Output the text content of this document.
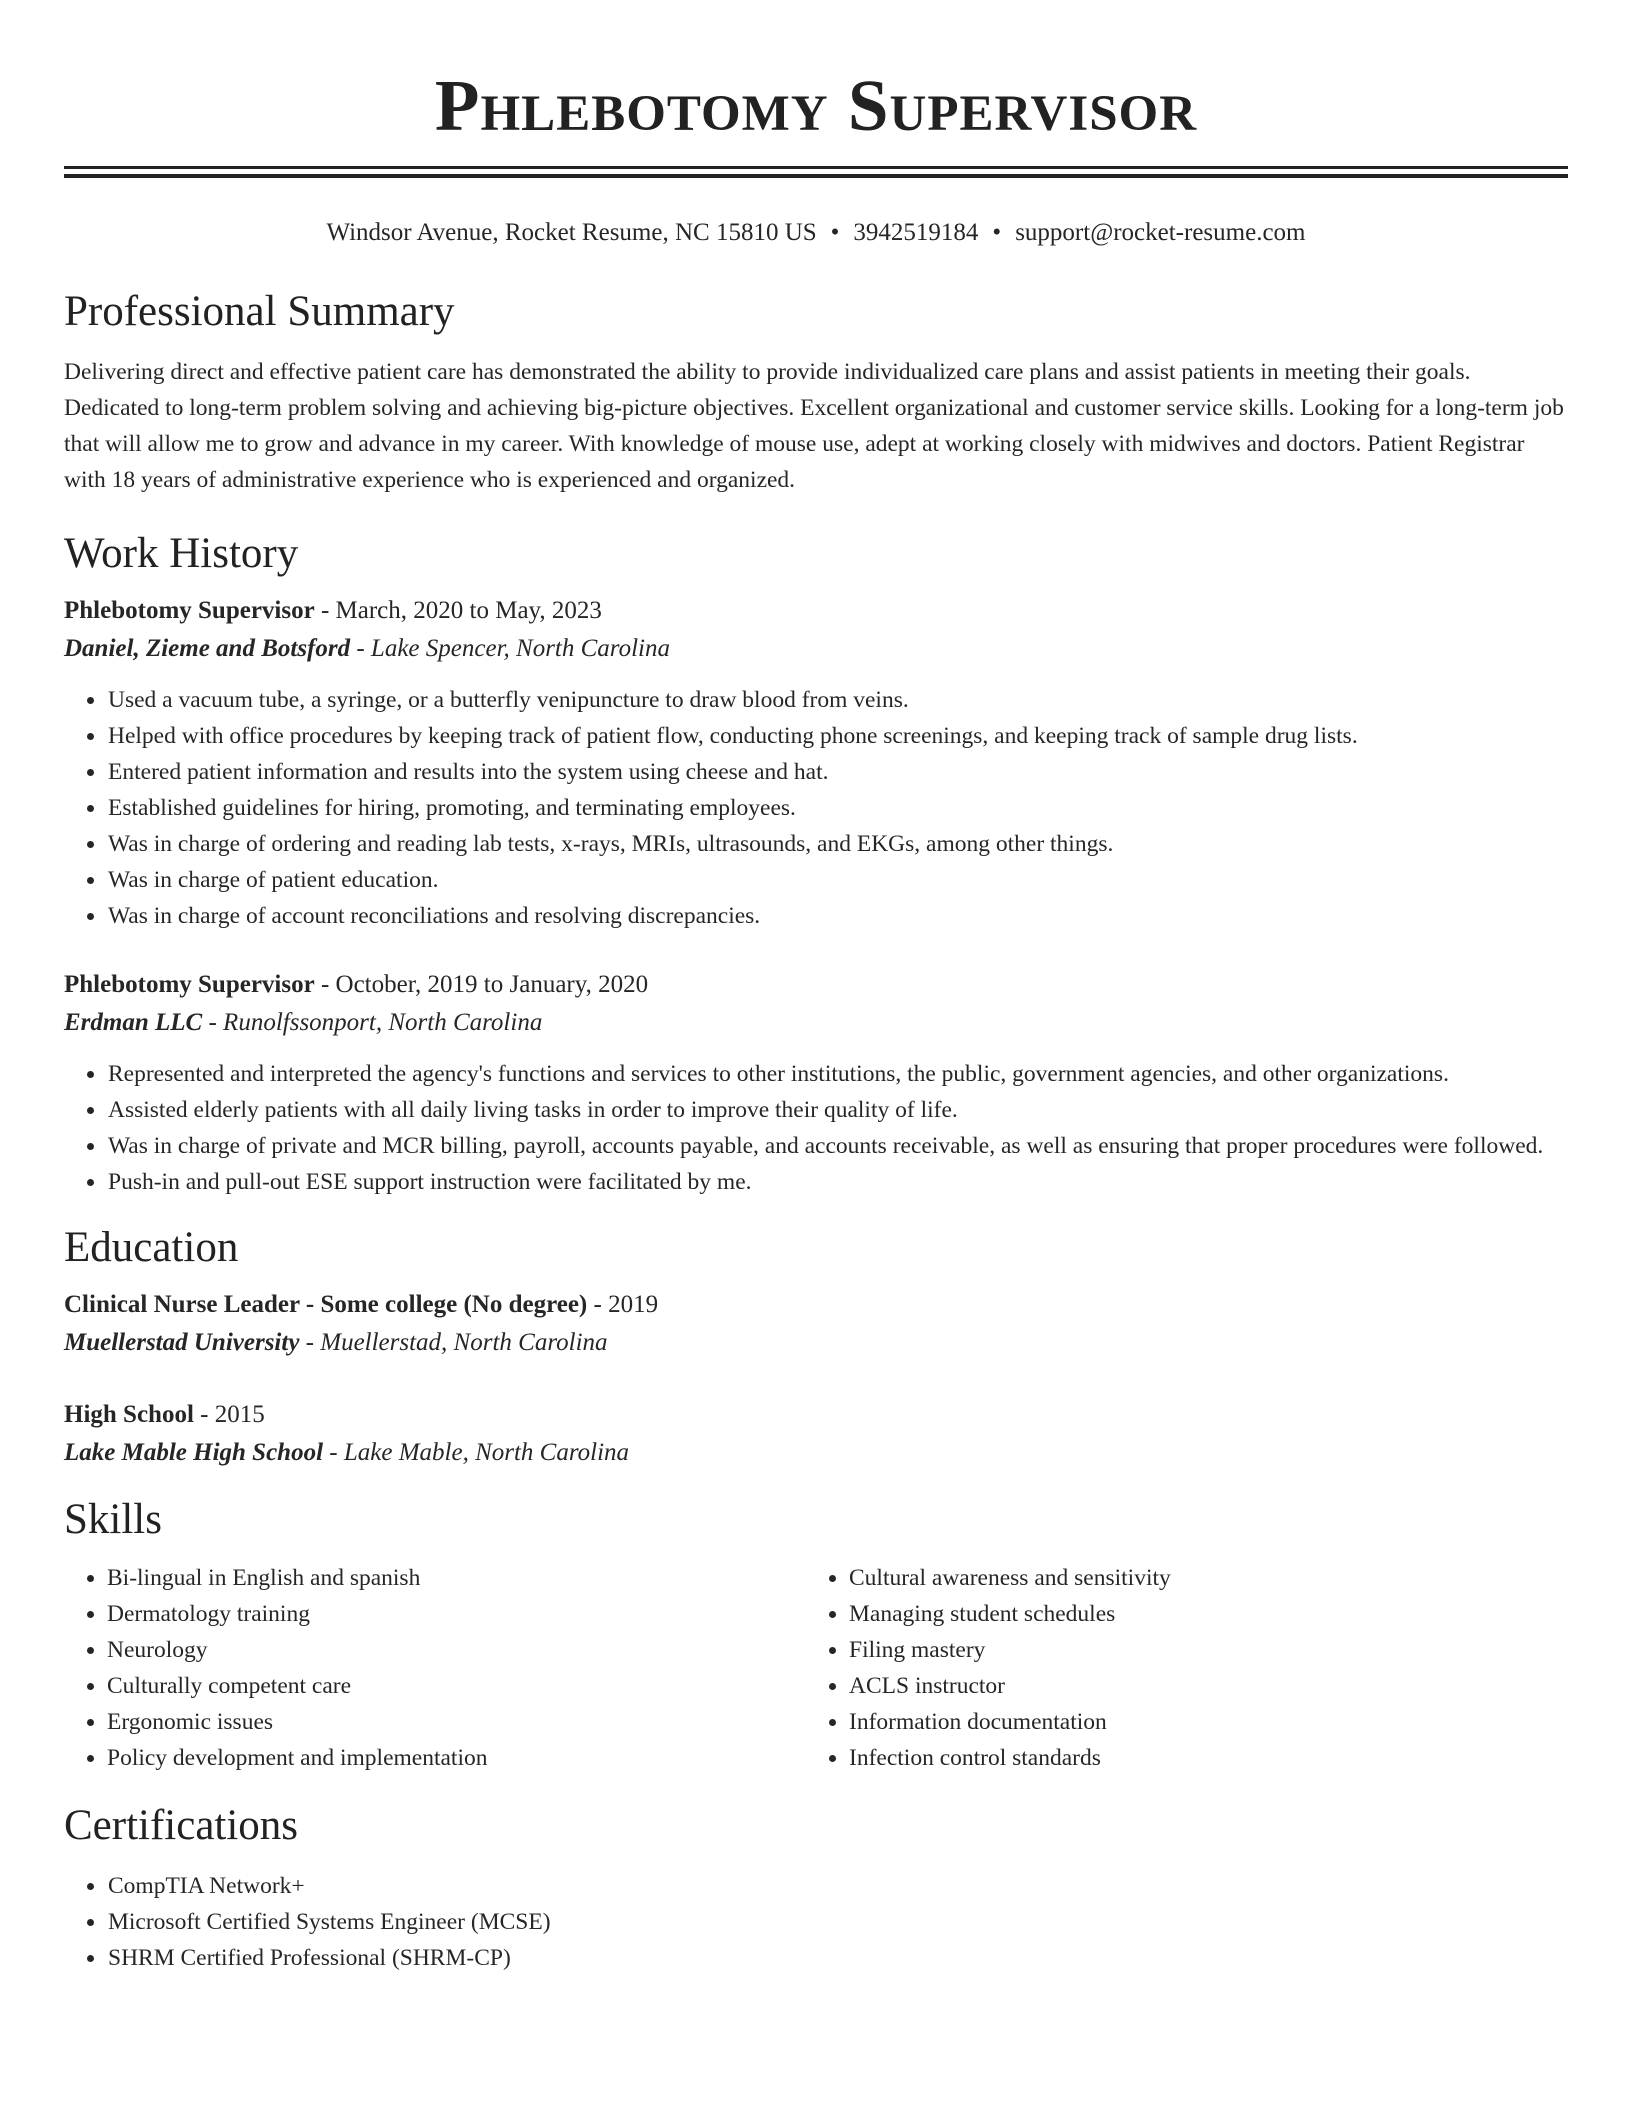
Phlebotomy Supervisor
Windsor Avenue, Rocket Resume, NC 15810 US • 3942519184 • support@rocket-resume.com
Professional Summary
Delivering direct and effective patient care has demonstrated the ability to provide individualized care plans and assist patients in meeting their goals. Dedicated to long-term problem solving and achieving big-picture objectives. Excellent organizational and customer service skills. Looking for a long-term job that will allow me to grow and advance in my career. With knowledge of mouse use, adept at working closely with midwives and doctors. Patient Registrar with 18 years of administrative experience who is experienced and organized.
Work History

Phlebotomy Supervisor - March, 2020 to May, 2023

Daniel, Zieme and Botsford - Lake Spencer, North Carolina

• Used a vacuum tube, a syringe, or a butterfly venipuncture to draw blood from veins.
• Helped with office procedures by keeping track of patient flow, conducting phone screenings, and keeping track of sample drug lists.
• Entered patient information and results into the system using cheese and hat.
• Established guidelines for hiring, promoting, and terminating employees.
• Was in charge of ordering and reading lab tests, x-rays, MRIs, ultrasounds, and EKGs, among other things.
• Was in charge of patient education.
• Was in charge of account reconciliations and resolving discrepancies.

Phlebotomy Supervisor - October, 2019 to January, 2020

Erdman LLC - Runolfssonport, North Carolina

• Represented and interpreted the agency's functions and services to other institutions, the public, government agencies, and other organizations.
• Assisted elderly patients with all daily living tasks in order to improve their quality of life.
• Was in charge of private and MCR billing, payroll, accounts payable, and accounts receivable, as well as ensuring that proper procedures were followed.
• Push-in and pull-out ESE support instruction were facilitated by me.
Education

Clinical Nurse Leader - Some college (No degree) - 2019

Muellerstad University - Muellerstad, North Carolina

High School - 2015

Lake Mable High School - Lake Mable, North Carolina

Skills
• Bi-lingual in English and spanish
• Dermatology training
• Neurology
• Culturally competent care
• Ergonomic issues
• Policy development and implementation
• Cultural awareness and sensitivity
• Managing student schedules
• Filing mastery
• ACLS instructor
• Information documentation
• Infection control standards
Certifications
• CompTIA Network+
• Microsoft Certified Systems Engineer (MCSE)
• SHRM Certified Professional (SHRM-CP)
